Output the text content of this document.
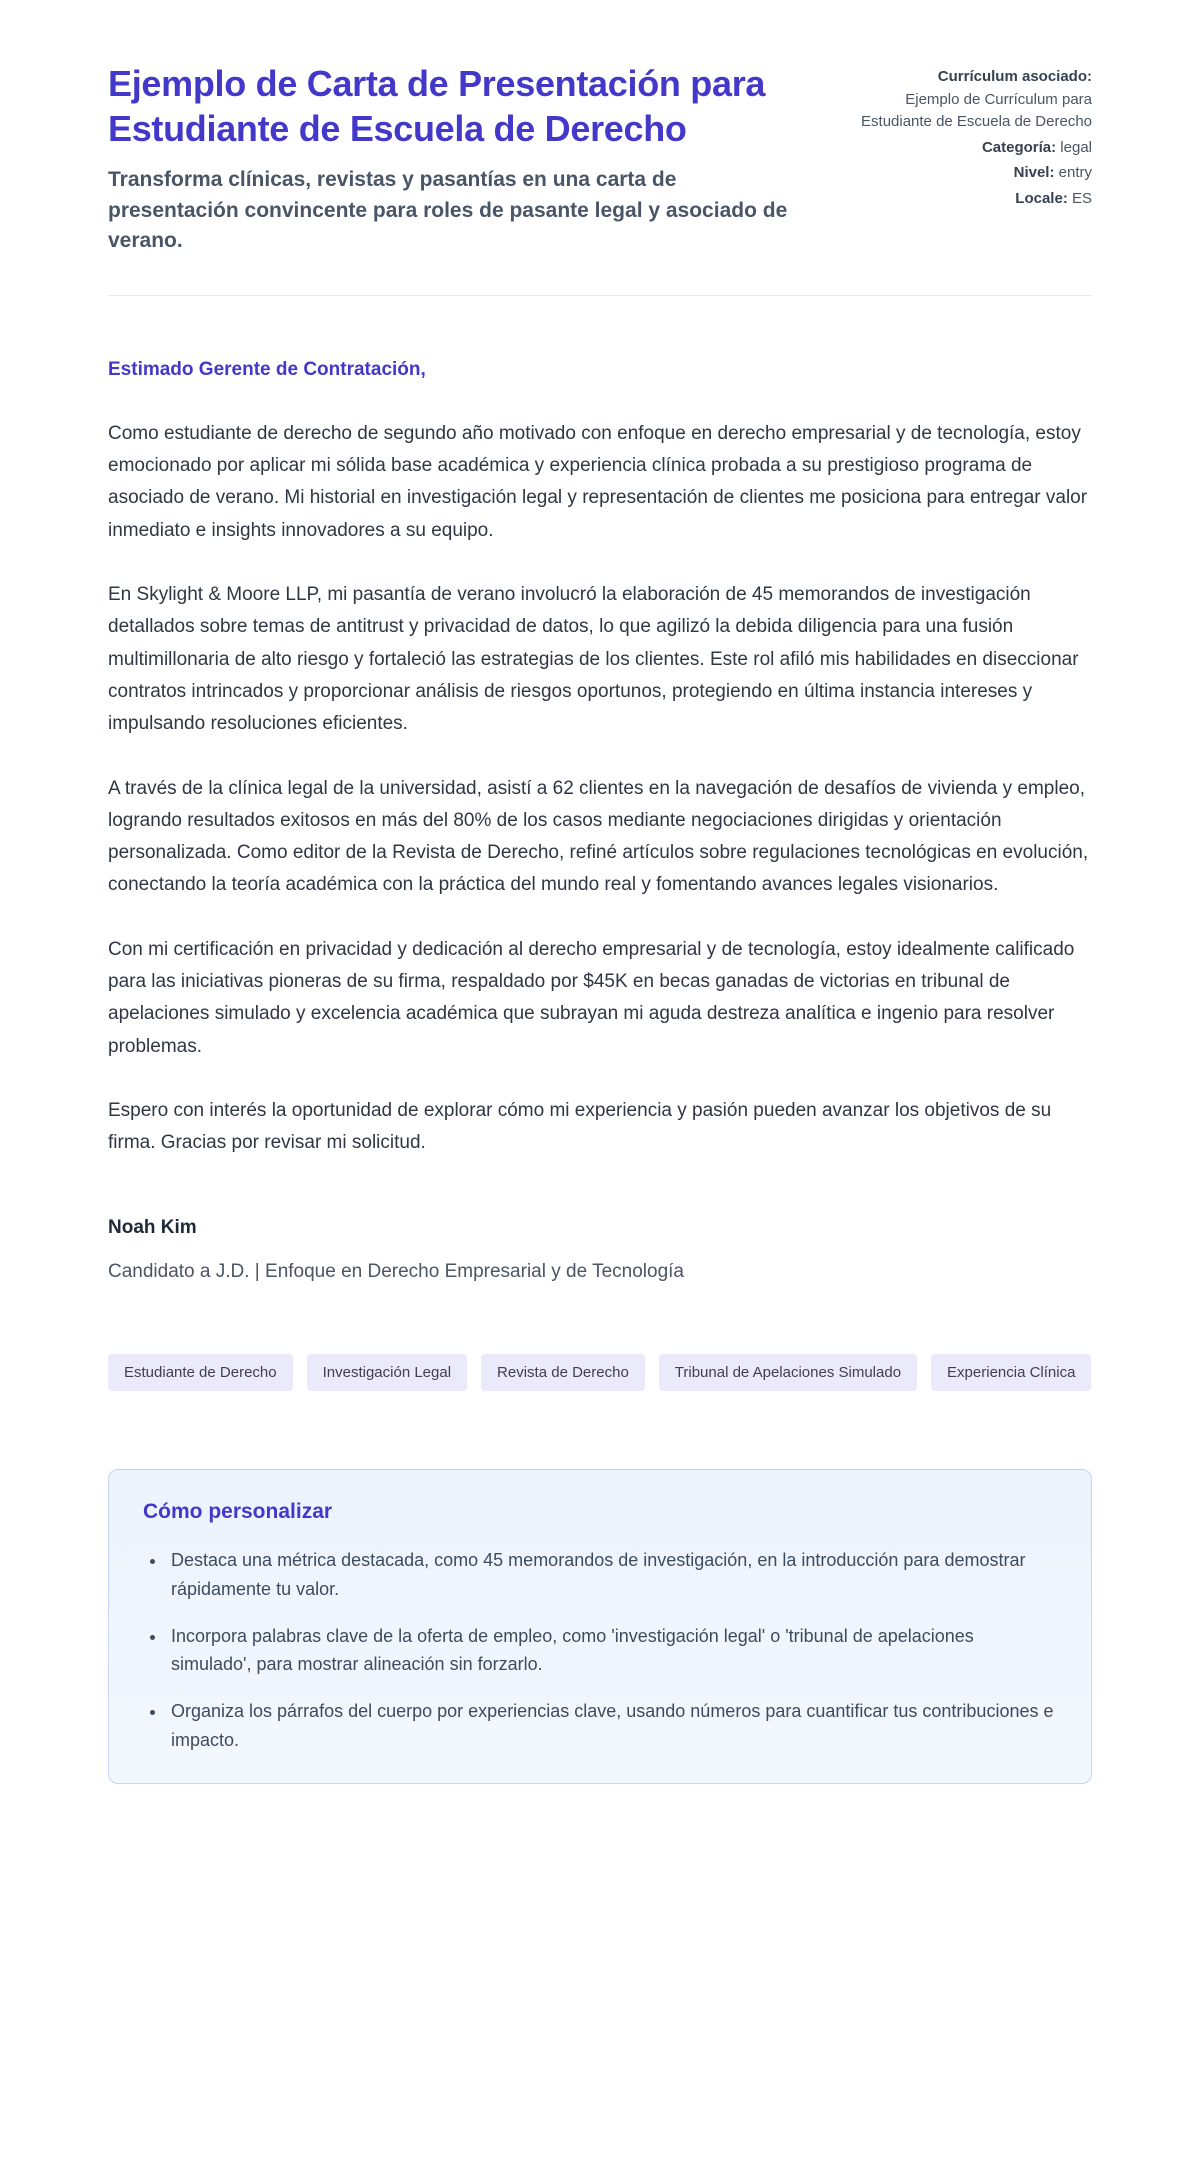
Ejemplo de Carta de Presentación para Estudiante de Escuela de Derecho

Transforma clínicas, revistas y pasantías en una carta de presentación convincente para roles de pasante legal y asociado de verano.

Currículum asociado:
Ejemplo de Currículum para Estudiante de Escuela de Derecho
Categoría: legal
Nivel: entry
Locale: ES

Estimado Gerente de Contratación,

Como estudiante de derecho de segundo año motivado con enfoque en derecho empresarial y de tecnología, estoy emocionado por aplicar mi sólida base académica y experiencia clínica probada a su prestigioso programa de asociado de verano. Mi historial en investigación legal y representación de clientes me posiciona para entregar valor inmediato e insights innovadores a su equipo.

En Skylight & Moore LLP, mi pasantía de verano involucró la elaboración de 45 memorandos de investigación detallados sobre temas de antitrust y privacidad de datos, lo que agilizó la debida diligencia para una fusión multimillonaria de alto riesgo y fortaleció las estrategias de los clientes. Este rol afiló mis habilidades en diseccionar contratos intrincados y proporcionar análisis de riesgos oportunos, protegiendo en última instancia intereses y impulsando resoluciones eficientes.

A través de la clínica legal de la universidad, asistí a 62 clientes en la navegación de desafíos de vivienda y empleo, logrando resultados exitosos en más del 80% de los casos mediante negociaciones dirigidas y orientación personalizada. Como editor de la Revista de Derecho, refiné artículos sobre regulaciones tecnológicas en evolución, conectando la teoría académica con la práctica del mundo real y fomentando avances legales visionarios.

Con mi certificación en privacidad y dedicación al derecho empresarial y de tecnología, estoy idealmente calificado para las iniciativas pioneras de su firma, respaldado por $45K en becas ganadas de victorias en tribunal de apelaciones simulado y excelencia académica que subrayan mi aguda destreza analítica e ingenio para resolver problemas.

Espero con interés la oportunidad de explorar cómo mi experiencia y pasión pueden avanzar los objetivos de su firma. Gracias por revisar mi solicitud.

Noah Kim

Candidato a J.D. | Enfoque en Derecho Empresarial y de Tecnología

Estudiante de Derecho	Investigación Legal	Revista de Derecho	Tribunal de Apelaciones Simulado	Experiencia Clínica
Cómo personalizar
• Destaca una métrica destacada, como 45 memorandos de investigación, en la introducción para demostrar rápidamente tu valor.
• Incorpora palabras clave de la oferta de empleo, como 'investigación legal' o 'tribunal de apelaciones simulado', para mostrar alineación sin forzarlo.
• Organiza los párrafos del cuerpo por experiencias clave, usando números para cuantificar tus contribuciones e impacto.
